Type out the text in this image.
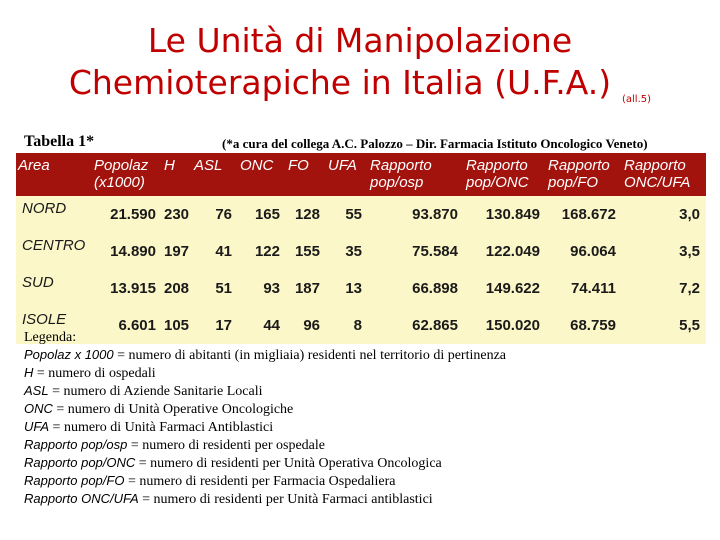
Le Unità di Manipolazione
Chemioterapiche in Italia (U.F.A.)	(all.5)
Tabella 1*	(*a cura del collega A.C. Palozzo – Dir. Farmacia Istituto Oncologico Veneto)
Area	Popolaz (x1000)	H	ASL	ONC	FO	UFA	Rapporto pop/osp	Rapporto pop/ONC	Rapporto pop/FO	Rapporto ONC/UFA
NORD	21.590	230	76	165	128	55	93.870	130.849	168.672	3,0
CENTRO	14.890	197	41	122	155	35	75.584	122.049	96.064	3,5
SUD	13.915	208	51	93	187	13	66.898	149.622	74.411	7,2
ISOLE	6.601	105	17	44	96	8	62.865	150.020	68.759	5,5
Legenda:
Popolaz x 1000 = numero di abitanti (in migliaia) residenti nel territorio di pertinenza
H = numero di ospedali
ASL = numero di Aziende Sanitarie Locali
ONC = numero di Unità Operative Oncologiche
UFA = numero di Unità Farmaci Antiblastici
Rapporto pop/osp = numero di residenti per ospedale
Rapporto pop/ONC = numero di residenti per Unità Operativa Oncologica
Rapporto pop/FO = numero di residenti per Farmacia Ospedaliera
Rapporto ONC/UFA = numero di residenti per Unità Farmaci antiblastici
